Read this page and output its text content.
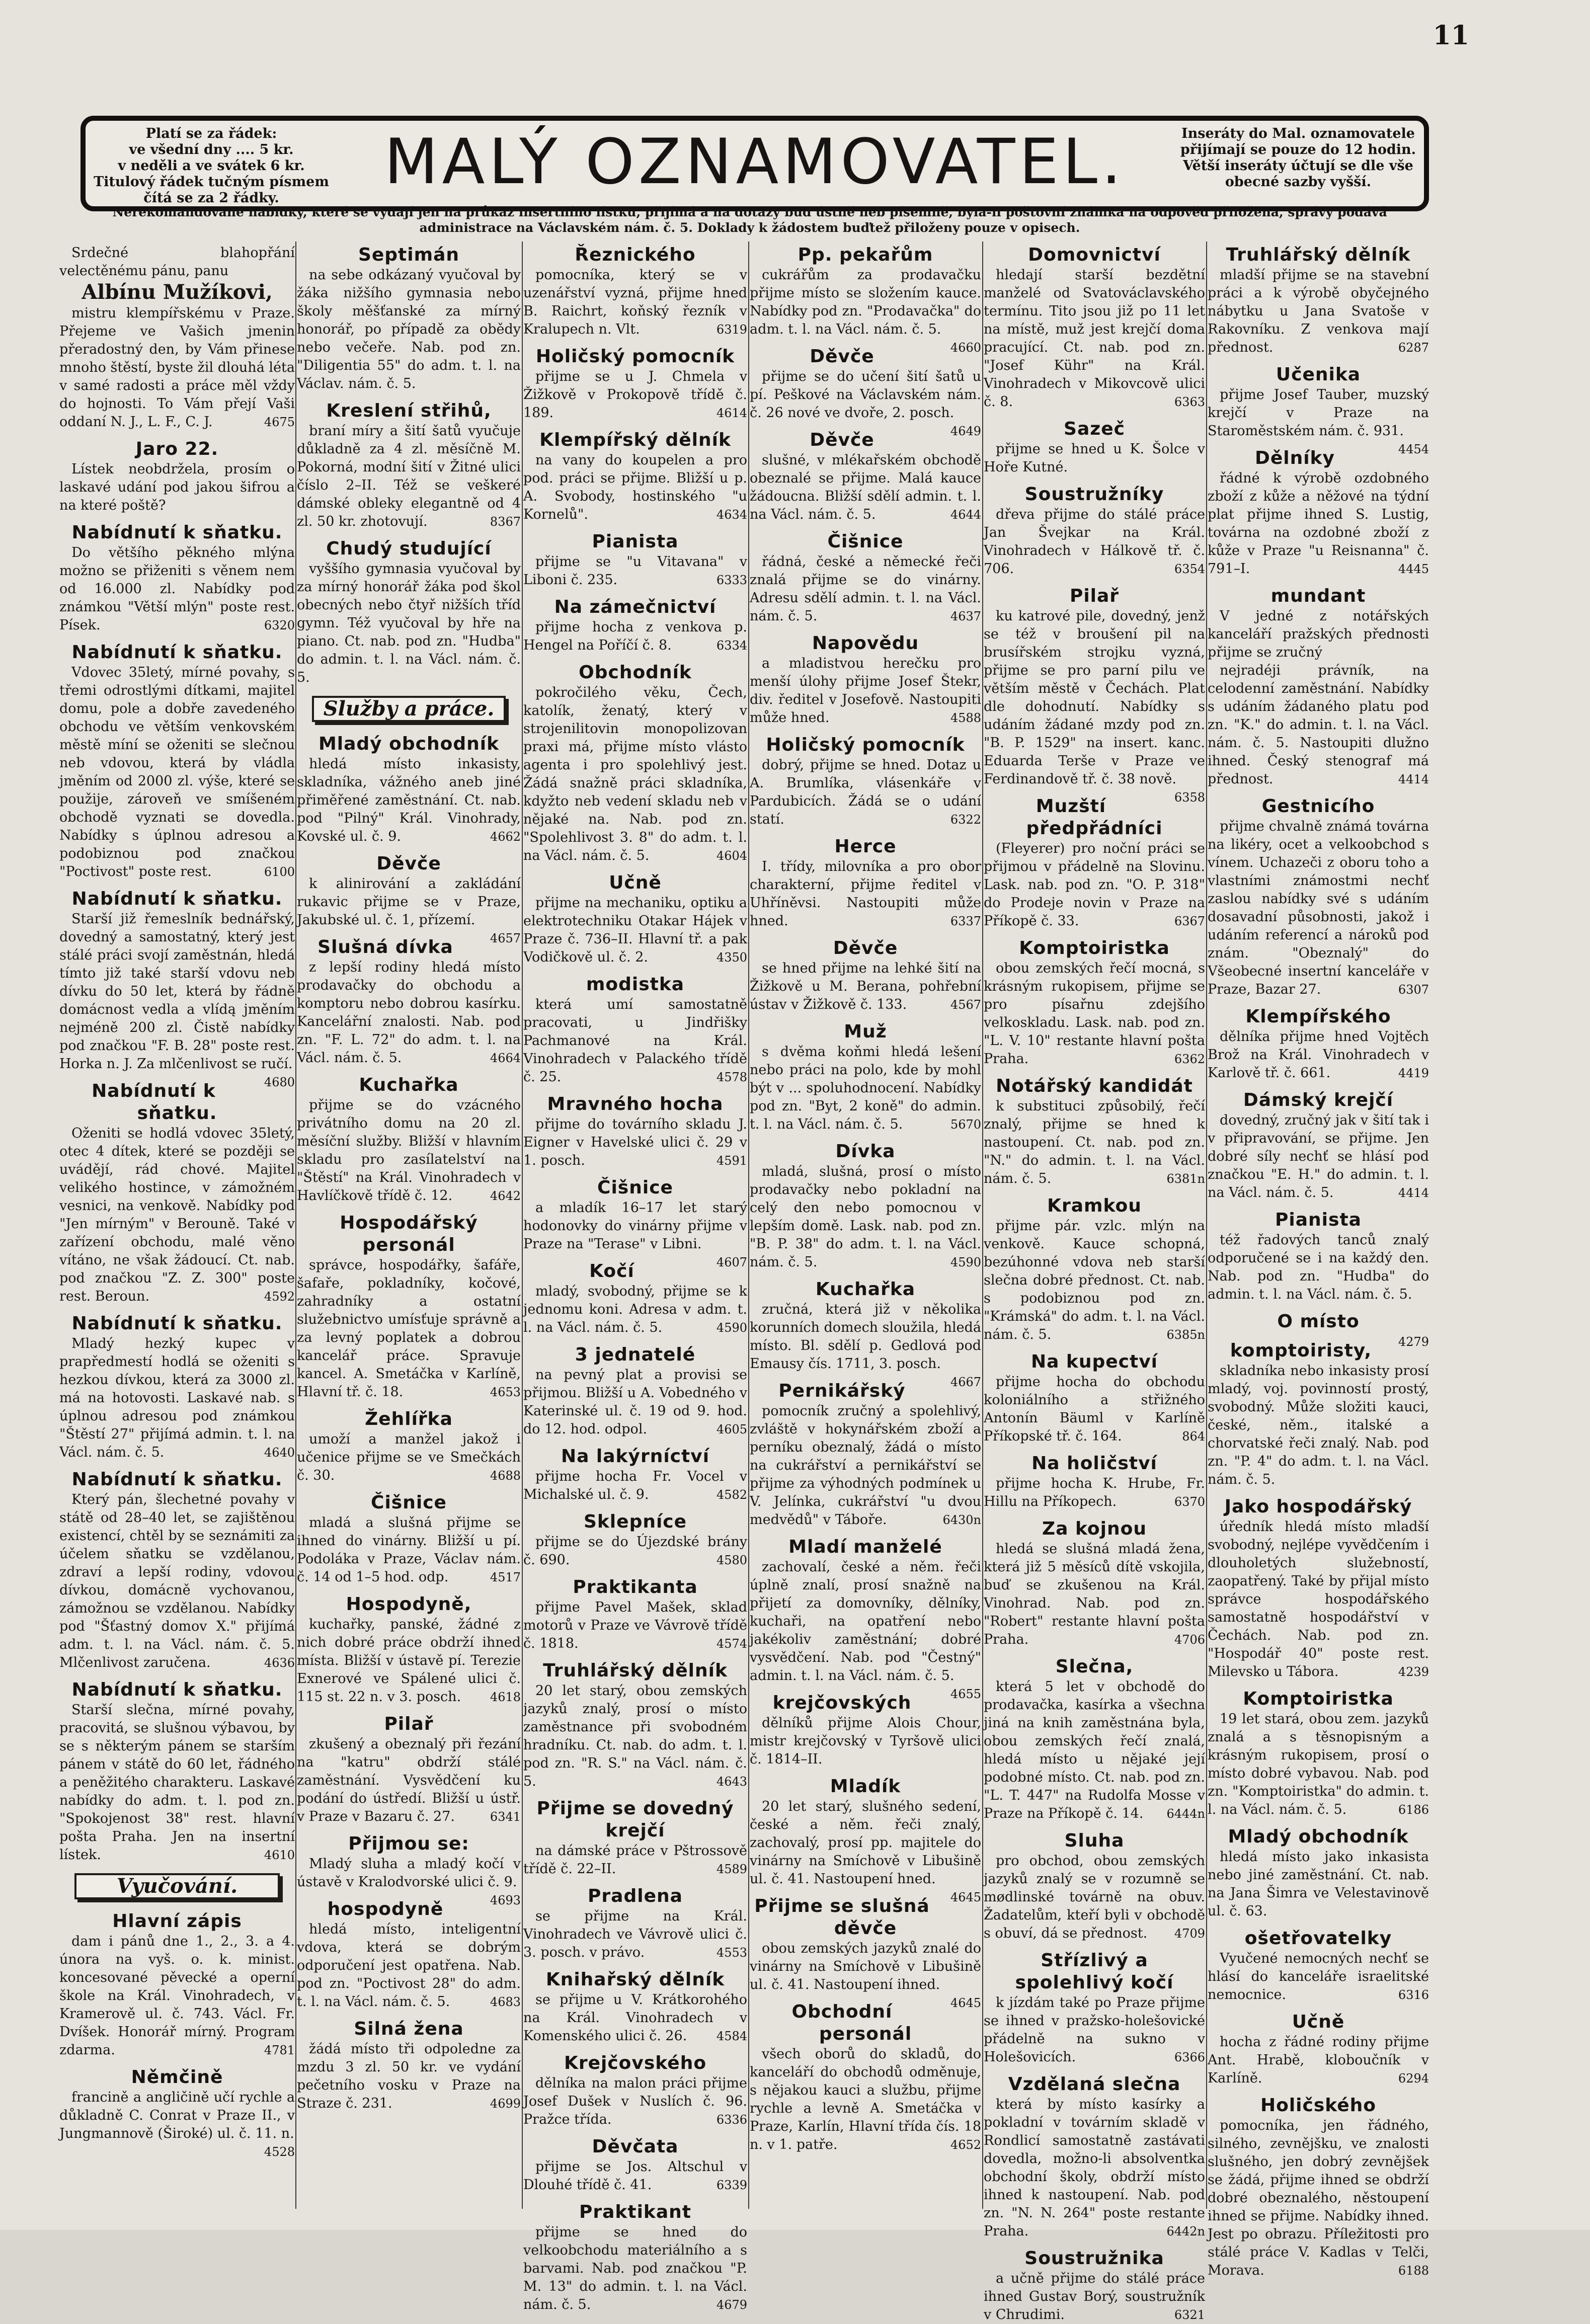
11
Platí se za řádek:
ve všední dny .... 5 kr.
v neděli a ve svátek 6 kr.
Titulový řádek tučným písmem
čítá se za 2 řádky.	MALÝ OZNAMOVATEL.	Inseráty do Mal. oznamovatele
přijímají se pouze do 12 hodin.
Větší inseráty účtují se dle vše
obecné sazby vyšší.
Nerekomandované nabídky, které se vydají jen na průkaz insertního lístku, přijímá a na dotazy buď ústně neb písemně, byla-li poštovní známka na odpověď přiložena, správy podává administrace na Václavském nám. č. 5. Doklady k žádostem buďtež přiloženy pouze v opisech.

Srdečné blahopřání velectěnému pánu, panu

Albínu Mužíkovi,

mistru klempířskému v Praze. Přejeme ve Vašich jmenin přeradostný den, by Vám přinese mnoho štěstí, byste žil dlouhá léta v samé radosti a práce měl vždy do hojnosti. To Vám přejí Vaši oddaní N. J., L. F., C. J.	4675

Jaro 22.

Lístek neobdržela, prosím o laskavé udání pod jakou šifrou a na které poště?

Nabídnutí k sňatku.

Do většího pěkného mlýna možno se přiženiti s věnem nem od 16.000 zl. Nabídky pod známkou "Větší mlýn" poste rest. Písek.	6320

Nabídnutí k sňatku.

Vdovec 35letý, mírné povahy, s třemi odrostlými dítkami, majitel domu, pole a dobře zavedeného obchodu ve větším venkovském městě míní se oženiti se slečnou neb vdovou, která by vládla jměním od 2000 zl. výše, které se použije, zároveň ve smíšeném obchodě vyznati se dovedla. Nabídky s úplnou adresou a podobiznou pod značkou "Poctivost" poste rest.	6100

Nabídnutí k sňatku.

Starší již řemeslník bednářský, dovedný a samostatný, který jest stálé práci svojí zaměstnán, hledá tímto již také starší vdovu neb dívku do 50 let, která by řádně domácnost vedla a vlídą jměním nejméně 200 zl. Čistě nabídky pod značkou "F. B. 28" poste rest. Horka n. J. Za mlčenlivost se ručí.
4680

Nabídnutí k sňatku.

Oženiti se hodlá vdovec 35letý, otec 4 dítek, které se později se uvádějí, rád chové. Majitel velikého hostince, v zámožném vesnici, na venkově. Nabídky pod "Jen mírným" v Berouně. Také v zařízení obchodu, malé věno vítáno, ne však žádoucí. Ct. nab. pod značkou "Z. Z. 300" poste rest. Beroun.	4592

Nabídnutí k sňatku.

Mladý hezký kupec v prapředmestí hodlá se oženiti s hezkou dívkou, která za 3000 zl. má na hotovosti. Laskavé nab. s úplnou adresou pod známkou "Štěstí 27" přijímá admin. t. l. na Václ. nám. č. 5.	4640

Nabídnutí k sňatku.

Který pán, šlechetné povahy v státě od 28–40 let, se zajištěnou existencí, chtěl by se seznámiti za účelem sňatku se vzdělanou, zdraví a lepší rodiny, vdovou dívkou, domácně vychovanou, zámožnou se vzdělanou. Nabídky pod "Šťastný domov X." přijímá adm. t. l. na Václ. nám. č. 5. Mlčenlivost zaručena.	4636

Nabídnutí k sňatku.

Starší slečna, mírné povahy, pracovitá, se slušnou výbavou, by se s některým pánem se starším pánem v státě do 60 let, řádného a peněžitého charakteru. Laskavé nabídky do adm. t. l. pod zn. "Spokojenost 38" rest. hlavní pošta Praha. Jen na insertní lístek.	4610

Vyučování.
Hlavní zápis

dam i pánů dne 1., 2., 3. a 4. února na vyš. o. k. minist. koncesované pěvecké a operní škole na Král. Vinohradech, v Kramerově ul. č. 743. Václ. Fr. Dvíšek. Honorář mírný. Program zdarma.	4781

Němčině

francině a angličině učí rychle a důkladně C. Conrat v Praze II., v Jungmannově (Široké) ul. č. 11. n.
4528

Septimán

na sebe odkázaný vyučoval by žáka nižšího gymnasia nebo školy měšťanské za mírný honorář, po případě za obědy nebo večeře. Nab. pod zn. "Diligentia 55" do adm. t. l. na Václav. nám. č. 5.

Kreslení střihů,

braní míry a šití šatů vyučuje důkladně za 4 zl. měsíčně M. Pokorná, modní šití v Žitné ulici číslo 2–II. Též se veškeré dámské obleky elegantně od 4 zl. 50 kr. zhotovují.	8367

Chudý studující

vyššího gymnasia vyučoval by za mírný honorář žáka pod škol obecných nebo čtyř nižších tříd gymn. Též vyučoval by hře na piano. Ct. nab. pod zn. "Hudba" do admin. t. l. na Václ. nám. č. 5.

Služby a práce.
Mladý obchodník

hledá místo inkasisty, skladníka, vážného aneb jiné přiměřené zaměstnání. Ct. nab. pod "Pilný" Král. Vinohrady, Kovské ul. č. 9.	4662

Děvče

k alinirování a zakládání rukavic přijme se v Praze, Jakubské ul. č. 1, přízemí.
4657

Slušná dívka

z lepší rodiny hledá místo prodavačky do obchodu a komptoru nebo dobrou kasírku. Kancelářní znalosti. Nab. pod zn. "F. L. 72" do adm. t. l. na Václ. nám. č. 5.	4664

Kuchařka

přijme se do vzácného privátního domu na 20 zl. měsíční služby. Bližší v hlavním skladu pro zasílatelství na "Štěstí" na Král. Vinohradech v Havlíčkově třídě č. 12.	4642

Hospodářský personál

správce, hospodářky, šafáře, šafaře, pokladníky, kočové, zahradníky a ostatní služebnictvo umísťuje správně a za levný poplatek a dobrou kancelář práce. Spravuje kancel. A. Smetáčka v Karlíně, Hlavní tř. č. 18.	4653

Žehlířka

umoží a manžel jakož i učenice přijme se ve Smečkách č. 30.	4688

Čišnice

mladá a slušná přijme se ihned do vinárny. Bližší u pí. Podoláka v Praze, Václav nám. č. 14 od 1–5 hod. odp.	4517

Hospodyně,

kuchařky, panské, žádné z nich dobré práce obdrží ihned místa. Bližší v ústavě pí. Terezie Exnerové ve Spálené ulici č. 115 st. 22 n. v 3. posch.	4618

Pilař

zkušený a obeznalý při řezání na "katru" obdrží stálé zaměstnání. Vysvědčení ku podání do ústředí. Bližší u ústř. v Praze v Bazaru č. 27.	6341

Přijmou se:

Mladý sluha a mladý kočí v ústavě v Kralodvorské ulici č. 9.
4693

hospodyně

hledá místo, inteligentní vdova, která se dobrým odporučení jest opatřena. Nab. pod zn. "Poctivost 28" do adm. t. l. na Václ. nám. č. 5.	4683

Silná žena

žádá místo tři odpoledne za mzdu 3 zl. 50 kr. ve vydání pečetního vosku v Praze na Straze č. 231.	4699

Řeznického

pomocníka, který se v uzenářství vyzná, přijme hned B. Raichrt, koňský řezník v Kralupech n. Vlt.	6319

Holičský pomocník

přijme se u J. Chmela v Žižkově v Prokopově třídě č. 189.	4614

Klempířský dělník

na vany do koupelen a pro pod. práci se přijme. Bližší u p. A. Svobody, hostinského "u Kornelů".	4634

Pianista

přijme se "u Vitavana" v Liboni č. 235.	6333

Na zámečnictví

přijme hocha z venkova p. Hengel na Poříčí č. 8.	6334

Obchodník

pokročilého věku, Čech, katolík, ženatý, který v strojenilitovin monopolizovan praxi má, přijme místo vlásto agenta i pro spolehlivý jest. Žádá snažně práci skladníka, kdyžto neb vedení skladu neb v nějaké na. Nab. pod zn. "Spolehlivost 3. 8" do adm. t. l. na Václ. nám. č. 5.	4604

Učně

přijme na mechaniku, optiku a elektrotechniku Otakar Hájek v Praze č. 736–II. Hlavní tř. a pak Vodičkově ul. č. 2.	4350

modistka

která umí samostatně pracovati, u Jindřišky Pachmanové na Král. Vinohradech v Palackého třídě č. 25.	4578

Mravného hocha

přijme do továrního skladu J. Eigner v Havelské ulici č. 29 v 1. posch.	4591

Čišnice

a mladík 16–17 let starý hodonovky do vinárny přijme v Praze na "Terase" v Libni.
4607

Kočí

mladý, svobodný, přijme se k jednomu koni. Adresa v adm. t. l. na Václ. nám. č. 5.	4590

3 jednatelé

na pevný plat a provisi se přijmou. Bližší u A. Vobedného v Katerinské ul. č. 19 od 9. hod. do 12. hod. odpol.	4605

Na lakýrníctví

přijme hocha Fr. Vocel v Michalské ul. č. 9.	4582

Sklepníce

přijme se do Újezdské brány č. 690.	4580

Praktikanta

přijme Pavel Mašek, sklad motorů v Praze ve Vávrově třídě č. 1818.	4574

Truhlářský dělník

20 let starý, obou zemských jazyků znalý, prosí o místo zaměstnance při svobodném hradníku. Ct. nab. do adm. t. l. pod zn. "R. S." na Václ. nám. č. 5.	4643

Přijme se dovedný krejčí

na dámské práce v Pštrossově třídě č. 22–II.	4589

Pradlena

se přijme na Král. Vinohradech ve Vávrově ulici č. 3. posch. v právo.	4553

Knihařský dělník

se přijme u V. Krátkorohého na Král. Vinohradech v Komenského ulici č. 26.	4584

Krejčovského

dělníka na malon práci přijme Josef Dušek v Nuslích č. 96. Pražce třída.	6336

Děvčata

přijme se Jos. Altschul v Dlouhé třídě č. 41.	6339

Praktikant

přijme se hned do velkoobchodu materiálního a s barvami. Nab. pod značkou "P. M. 13" do admin. t. l. na Václ. nám. č. 5.	4679

Pp. pekařům

cukrářům za prodavačku přijme místo se složením kauce. Nabídky pod zn. "Prodavačka" do adm. t. l. na Václ. nám. č. 5.
4660

Děvče

přijme se do učení šití šatů u pí. Peškové na Václavském nám. č. 26 nové ve dvoře, 2. posch.
4649

Děvče

slušné, v mlékařském obchodě obeznalé se přijme. Malá kauce žádoucna. Bližší sdělí admin. t. l. na Václ. nám. č. 5.	4644

Čišnice

řádná, české a německé řeči znalá přijme se do vinárny. Adresu sdělí admin. t. l. na Václ. nám. č. 5.	4637

Napovědu

a mladistvou herečku pro menší úlohy přijme Josef Štekr, div. ředitel v Josefově. Nastoupiti může hned.	4588

Holičský pomocník

dobrý, přijme se hned. Dotaz u A. Brumlíka, vlásenkáře v Pardubicích. Žádá se o udání statí.	6322

Herce

I. třídy, milovníka a pro obor charakterní, přijme ředitel v Uhříněvsi. Nastoupiti může hned.	6337

Děvče

se hned přijme na lehké šití na Žižkově u M. Berana, pohřební ústav v Žižkově č. 133.	4567

Muž

s dvěma koňmi hledá lešení nebo práci na polo, kde by mohl být v ... spoluhodnocení. Nabídky pod zn. "Byt, 2 koně" do admin. t. l. na Václ. nám. č. 5.	5670

Dívka

mladá, slušná, prosí o místo prodavačky nebo pokladní na celý den nebo pomocnou v lepším domě. Lask. nab. pod zn. "B. P. 38" do adm. t. l. na Václ. nám. č. 5.	4590

Kuchařka

zručná, která již v několika korunních domech sloužila, hledá místo. Bl. sdělí p. Gedlová pod Emausy čís. 1711, 3. posch.
4667

Pernikářský

pomocník zručný a spolehlivý, zvláště v hokynářském zboží a perníku obeznalý, žádá o místo na cukrářství a pernikářství se přijme za výhodných podmínek u V. Jelínka, cukrářství "u dvou medvědů" v Táboře.	6430n

Mladí manželé

zachovalí, české a něm. řeči úplně znalí, prosí snažně na přijetí za domovníky, dělníky, kuchaři, na opatření nebo jakékoliv zaměstnání; dobré vysvědčení. Nab. pod "Čestný" admin. t. l. na Václ. nám. č. 5.
4655

krejčovských

dělníků přijme Alois Chour, mistr krejčovský v Tyršově ulici č. 1814–II.

Mladík

20 let starý, slušného sedení, české a něm. řeči znalý, zachovalý, prosí pp. majitele do vinárny na Smíchově v Libušině ul. č. 41. Nastoupení hned.
4645

Přijme se slušná děvče

obou zemských jazyků znalé do vinárny na Smíchově v Libušině ul. č. 41. Nastoupení ihned.
4645

Obchodní personál

všech oborů do skladů, do kanceláří do obchodů odměnuje, s nějakou kauci a službu, přijme rychle a levně A. Smetáčka v Praze, Karlín, Hlavní třída čís. 18 n. v 1. patře.	4652

Domovnictví

hledají starší bezdětní manželé od Svatováclavského termínu. Tito jsou již po 11 let na místě, muž jest krejčí doma pracující. Ct. nab. pod zn. "Josef Kühr" na Král. Vinohradech v Mikovcově ulici č. 8.	6363

Sazeč

přijme se hned u K. Šolce v Hoře Kutné.

Soustružníky

dřeva přijme do stálé práce Jan Švejkar na Král. Vinohradech v Hálkově tř. č. 706.	6354

Pilař

ku katrové pile, dovedný, jenž se též v broušení pil na brusířském strojku vyzná, přijme se pro parní pilu ve větším městě v Čechách. Plat dle dohodnutí. Nabídky s udáním žádané mzdy pod zn. "B. P. 1529" na insert. kanc. Eduarda Terše v Praze ve Ferdinandově tř. č. 38 nově.
6358

Muzští předpřádníci

(Fleyerer) pro noční práci se přijmou v přádelně na Slovinu. Lask. nab. pod zn. "O. P. 318" do Prodeje novin v Praze na Příkopě č. 33.	6367

Komptoiristka

obou zemských řečí mocná, s krásným rukopisem, přijme se pro písařnu zdejšího velkoskladu. Lask. nab. pod zn. "L. V. 10" restante hlavní pošta Praha.	6362

Notářský kandidát

k substituci způsobilý, řečí znalý, přijme se hned k nastoupení. Ct. nab. pod zn. "N." do admin. t. l. na Václ. nám. č. 5.	6381n

Kramkou

přijme pár. vzlc. mlýn na venkově. Kauce schopná, bezúhonné vdova neb starší slečna dobré přednost. Ct. nab. s podobiznou pod zn. "Krámská" do adm. t. l. na Václ. nám. č. 5.	6385n

Na kupectví

přijme hocha do obchodu koloniálního a střižného Antonín Bäuml v Karlíně Příkopské tř. č. 164.	864

Na holičství

přijme hocha K. Hrube, Fr. Hillu na Příkopech.	6370

Za kojnou

hledá se slušná mladá žena, která již 5 měsíců dítě vskojila, buď se zkušenou na Král. Vinohrad. Nab. pod zn. "Robert" restante hlavní pošta Praha.	4706

Slečna,

která 5 let v obchodě do prodavačka, kasírka a všechna jiná na knih zaměstnána byla, obou zemských řečí znalá, hledá místo u nějaké její podobné místo. Ct. nab. pod zn. "L. T. 447" na Rudolfa Mosse v Praze na Příkopě č. 14.	6444n

Sluha

pro obchod, obou zemských jazyků znalý se v rozumně se mødlinské továrně na obuv. Žadatelům, kteří byli v obchodě s obuví, dá se přednost.	4709

Střízlivý a spolehlivý kočí

k jízdám také po Praze přijme se ihned v pražsko-holešovické přádelně na sukno v Holešovicích.	6366

Vzdělaná slečna

která by místo kasírky a pokladní v továrním skladě v Rondlicí samostatně zastávati dovedla, možno-li absolventka obchodní školy, obdrží místo ihned k nastoupení. Nab. pod zn. "N. N. 264" poste restante Praha.	6442n

Soustružnika

a učně přijme do stálé práce ihned Gustav Borý, soustružník v Chrudimi.	6321

Truhlářský dělník

mladší přijme se na stavební práci a k výrobě obyčejného nábytku u Jana Svatoše v Rakovníku. Z venkova mají přednost.	6287

Učenika

přijme Josef Tauber, muzský krejčí v Praze na Staroměstském nám. č. 931.
4454

Dělníky

řádné k výrobě ozdobného zboží z kůže a něžové na týdní plat přijme ihned S. Lustig, továrna na ozdobné zboží z kůže v Praze "u Reisnanna" č. 791–I.	4445

mundant

V jedné z notářských kanceláří pražských přednosti přijme se zručný

nejradéji právník, na celodenní zaměstnání. Nabídky s udáním žádaného platu pod zn. "K." do admin. t. l. na Václ. nám. č. 5. Nastoupiti dlužno ihned. Český stenograf má přednost.	4414

Gestnicího

přijme chvalně známá továrna na likéry, ocet a velkoobchod s vínem. Uchazeči z oboru toho a vlastními známostmi nechť zaslou nabídky své s udáním dosavadní působnosti, jakož i udáním referencí a nároků pod znám. "Obeznalý" do Všeobecné insertní kanceláře v Praze, Bazar 27.	6307

Klempířského

dělníka přijme hned Vojtěch Brož na Král. Vinohradech v Karlově tř. č. 661.	4419

Dámský krejčí

dovedný, zručný jak v šití tak i v připravování, se přijme. Jen dobré síly nechť se hlásí pod značkou "E. H." do admin. t. l. na Václ. nám. č. 5.	4414

Pianista

též řadových tanců znalý odporučené se i na každý den. Nab. pod zn. "Hudba" do admin. t. l. na Václ. nám. č. 5.

O místo
4279
komptoiristy,

skladníka nebo inkasisty prosí mladý, voj. povinností prostý, svobodný. Může složiti kauci, české, něm., italské a chorvatské řeči znalý. Nab. pod zn. "P. 4" do adm. t. l. na Václ. nám. č. 5.

Jako hospodářský

úředník hledá místo mladší svobodný, nejlépe vyvědčením i dlouholetých služebností, zaopatřený. Také by přijal místo správce hospodářského samostatně hospodářství v Čechách. Nab. pod zn. "Hospodář 40" poste rest. Milevsko u Tábora.	4239

Komptoiristka

19 let stará, obou zem. jazyků znalá a s těsnopisným a krásným rukopisem, prosí o místo dobré vybavou. Nab. pod zn. "Komptoiristka" do admin. t. l. na Václ. nám. č. 5.	6186

Mladý obchodník

hledá místo jako inkasista nebo jiné zaměstnání. Ct. nab. na Jana Šimra ve Velestavinově ul. č. 63.

ošetřovatelky

Vyučené nemocných nechť se hlásí do kanceláře israelitské nemocnice.	6316

Učně

hocha z řádné rodiny přijme Ant. Hrabě, kloboučník v Karlíně.	6294

Holičského

pomocníka, jen řádného, silného, zevnějšku, ve znalosti slušného, jen dobrý zevnějšek se žádá, přijme ihned se obdrží dobré obeznalého, něstoupení ihned se přijme. Nabídky ihned. Jest po obrazu. Příležitosti pro stálé práce V. Kadlas v Telči, Morava.	6188
